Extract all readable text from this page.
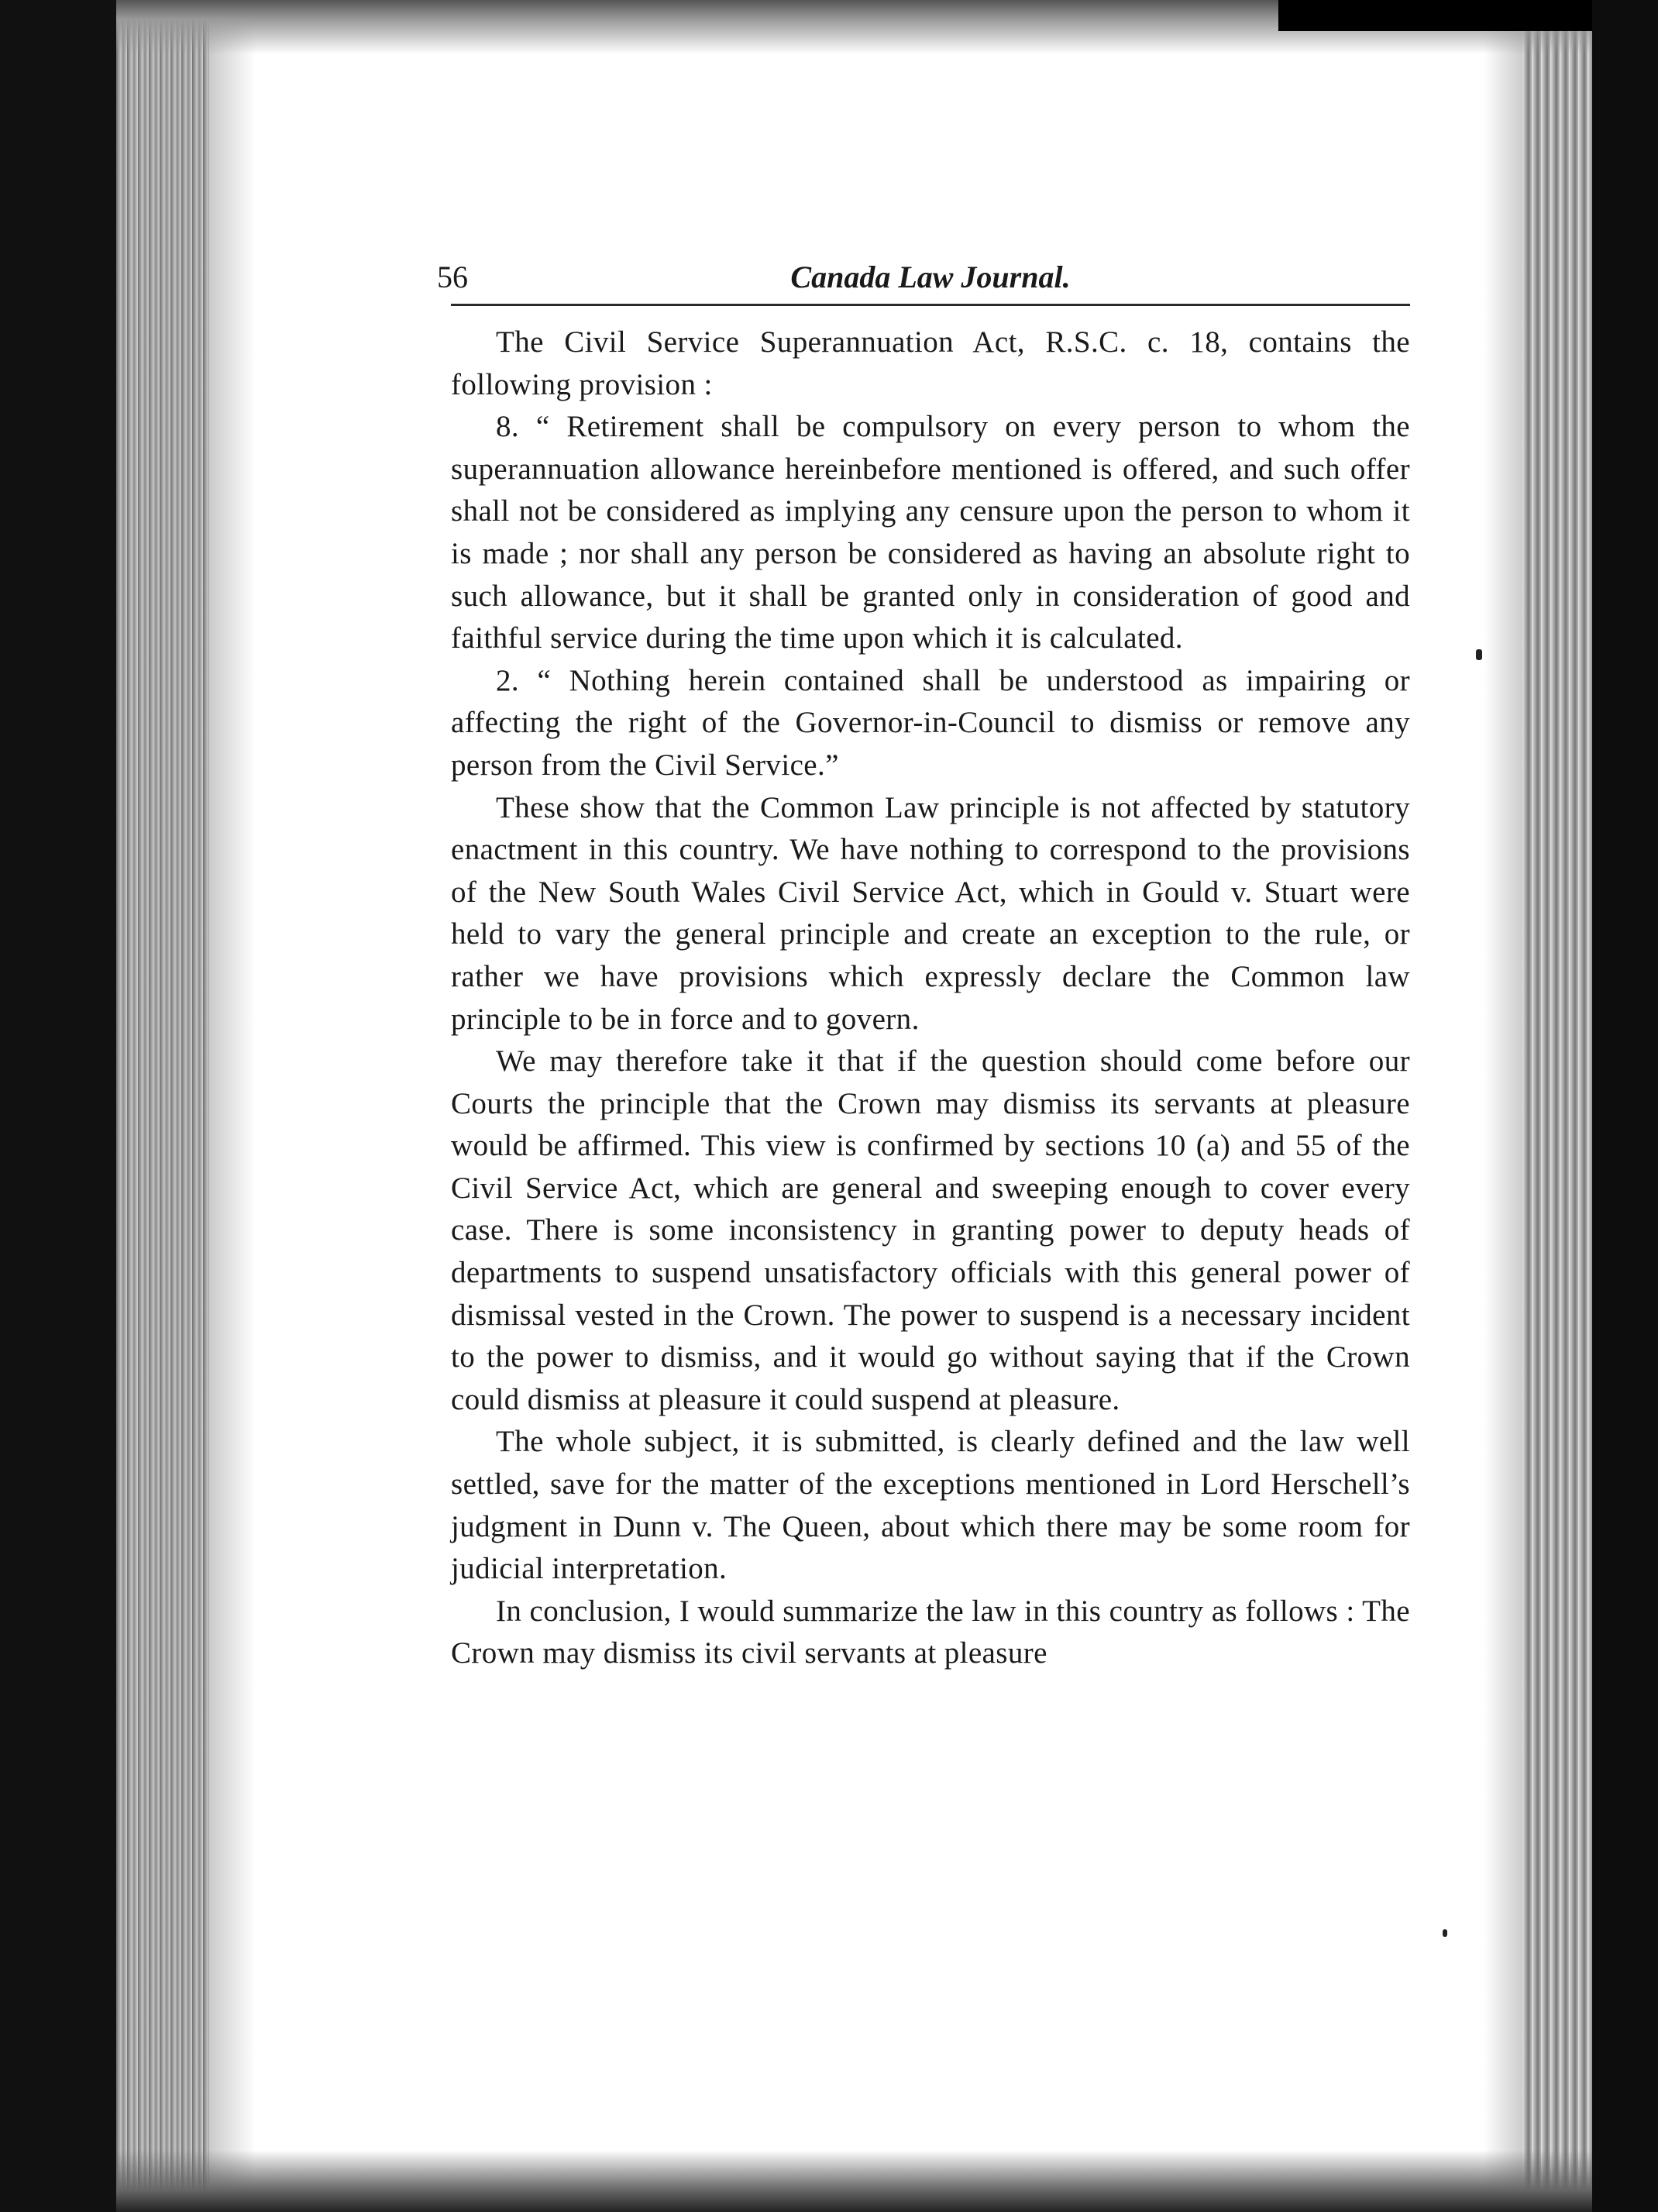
56	Canada Law Journal.

The Civil Service Superannuation Act, R.S.C. c. 18, contains the following provision :

8. “ Retirement shall be compulsory on every person to whom the superannuation allowance hereinbefore mentioned is offered, and such offer shall not be considered as implying any censure upon the person to whom it is made ; nor shall any person be considered as having an absolute right to such allowance, but it shall be granted only in consideration of good and faithful service during the time upon which it is calculated.

2. “ Nothing herein contained shall be understood as impairing or affecting the right of the Governor-in-Council to dismiss or remove any person from the Civil Service.”

These show that the Common Law principle is not affected by statutory enactment in this country. We have nothing to correspond to the provisions of the New South Wales Civil Service Act, which in Gould v. Stuart were held to vary the general principle and create an exception to the rule, or rather we have provisions which expressly declare the Common law principle to be in force and to govern.

We may therefore take it that if the question should come before our Courts the principle that the Crown may dismiss its servants at pleasure would be affirmed. This view is confirmed by sections 10 (a) and 55 of the Civil Service Act, which are general and sweeping enough to cover every case. There is some inconsistency in granting power to deputy heads of departments to suspend unsatisfactory officials with this general power of dismissal vested in the Crown. The power to suspend is a necessary incident to the power to dismiss, and it would go without saying that if the Crown could dismiss at pleasure it could suspend at pleasure.

The whole subject, it is submitted, is clearly defined and the law well settled, save for the matter of the exceptions mentioned in Lord Herschell’s judgment in Dunn v. The Queen, about which there may be some room for judicial interpretation.

In conclusion, I would summarize the law in this country as follows : The Crown may dismiss its civil servants at pleasure
